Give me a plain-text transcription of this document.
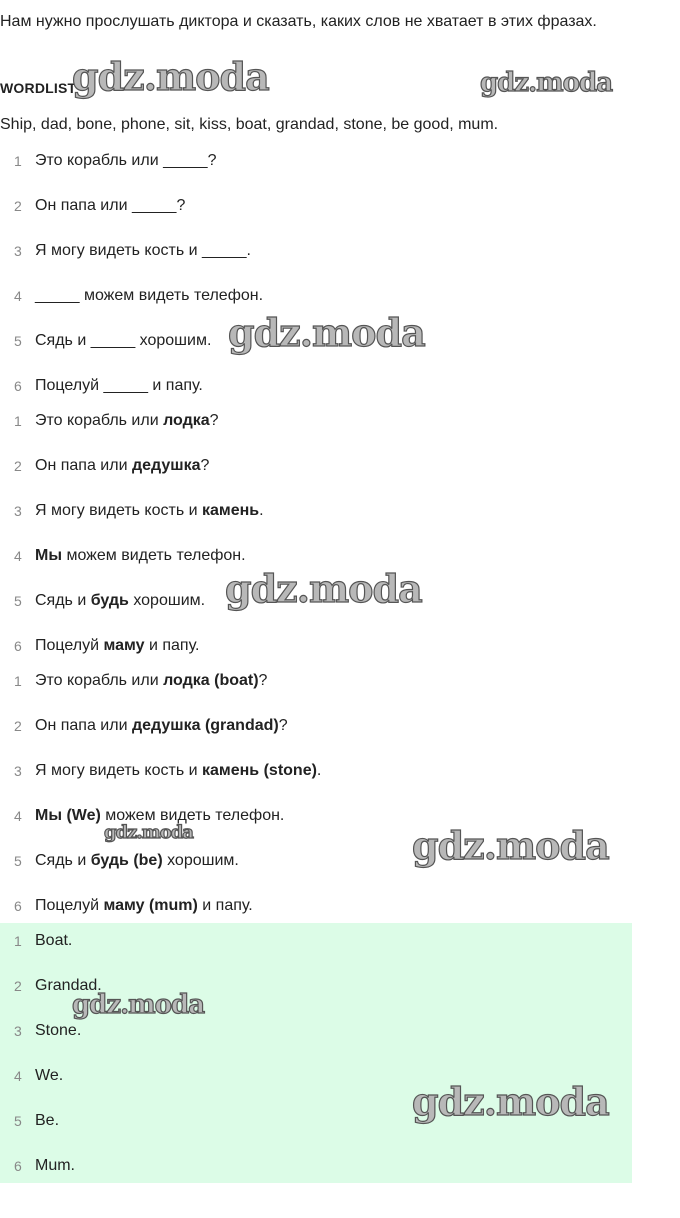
Нам нужно прослушать диктора и сказать, каких слов не хватает в этих фразах.

WORDLIST

Ship, dad, bone, phone, sit, kiss, boat, grandad, stone, be good, mum.

1 Это корабль или _____?
2 Он папа или _____?
3 Я могу видеть кость и _____.
4 _____ можем видеть телефон.
5 Сядь и _____ хорошим.
6 Поцелуй _____ и папу.
1 Это корабль или лодка?
2 Он папа или дедушка?
3 Я могу видеть кость и камень.
4 Мы можем видеть телефон.
5 Сядь и будь хорошим.
6 Поцелуй маму и папу.
1 Это корабль или лодка (boat)?
2 Он папа или дедушка (grandad)?
3 Я могу видеть кость и камень (stone).
4 Мы (We) можем видеть телефон.
5 Сядь и будь (be) хорошим.
6 Поцелуй маму (mum) и папу.
1 Boat.
2 Grandad.
3 Stone.
4 We.
5 Be.
6 Mum.
gdz.moda	gdz.moda
gdz.moda
gdz.moda
gdz.moda	gdz.moda
gdz.moda
gdz.moda
